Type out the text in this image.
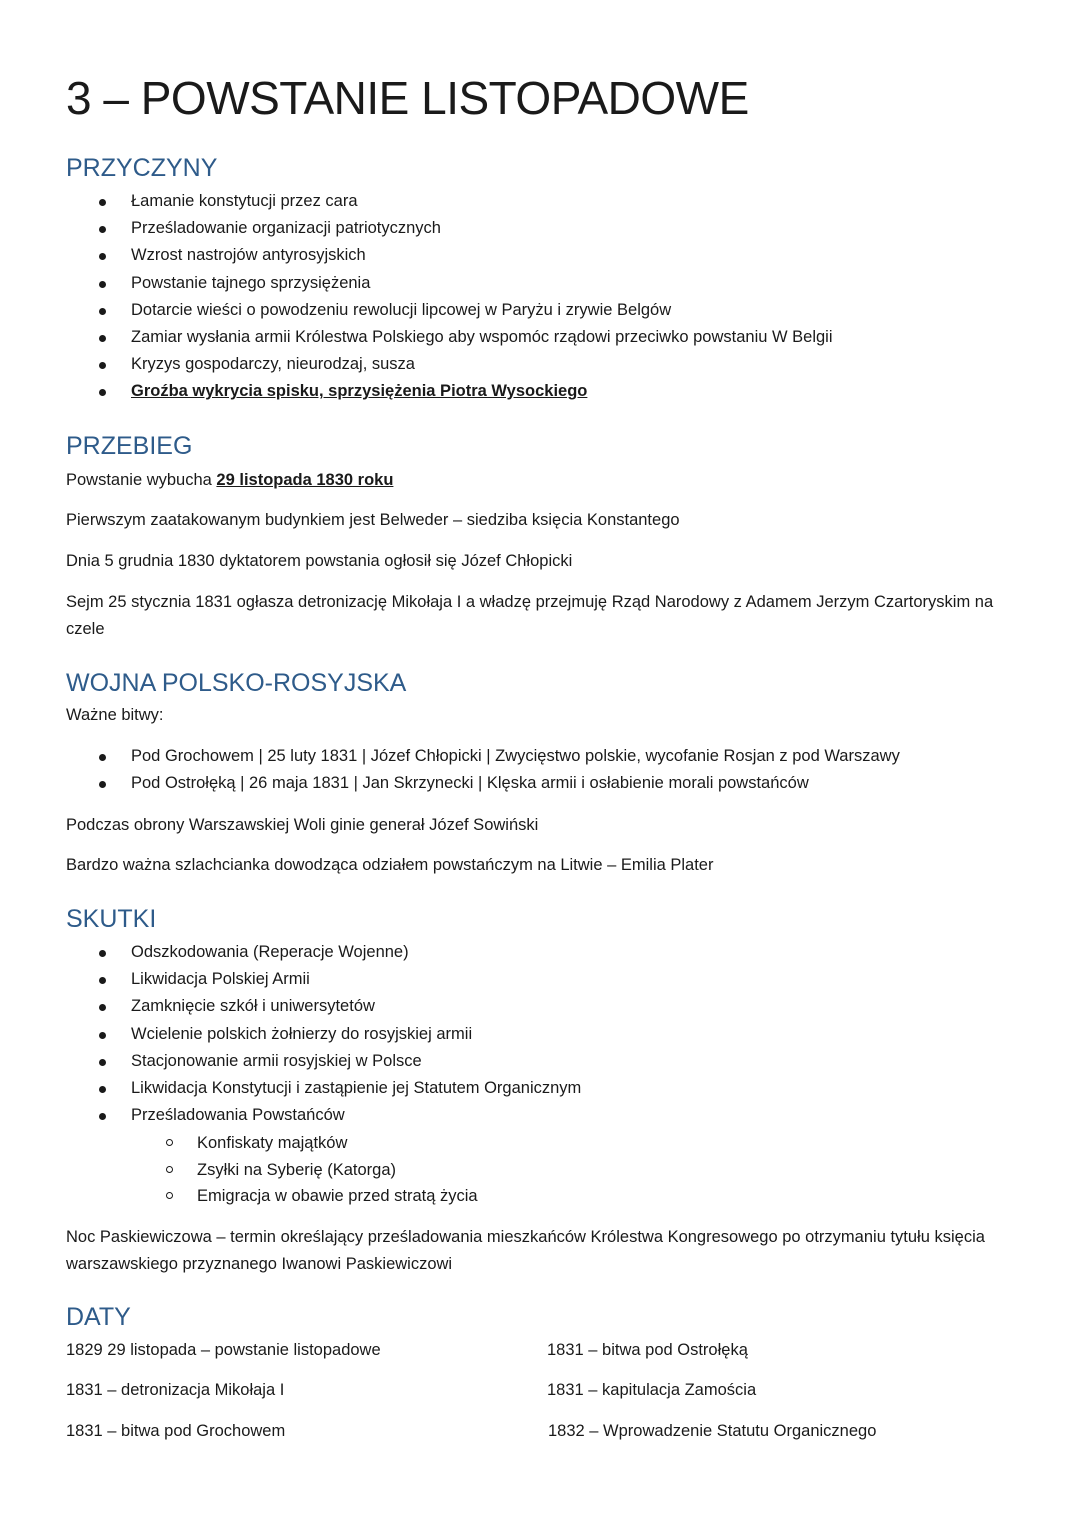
3 – POWSTANIE LISTOPADOWE
PRZYCZYNY
Łamanie konstytucji przez cara
Prześladowanie organizacji patriotycznych
Wzrost nastrojów antyrosyjskich
Powstanie tajnego sprzysiężenia
Dotarcie wieści o powodzeniu rewolucji lipcowej w Paryżu i zrywie Belgów
Zamiar wysłania armii Królestwa Polskiego aby wspomóc rządowi przeciwko powstaniu W Belgii
Kryzys gospodarczy, nieurodzaj, susza
Groźba wykrycia spisku, sprzysiężenia Piotra Wysockiego
PRZEBIEG

Powstanie wybucha 29 listopada 1830 roku

Pierwszym zaatakowanym budynkiem jest Belweder – siedziba księcia Konstantego

Dnia 5 grudnia 1830 dyktatorem powstania ogłosił się Józef Chłopicki

Sejm 25 stycznia 1831 ogłasza detronizację Mikołaja I a władzę przejmuję Rząd Narodowy z Adamem Jerzym Czartoryskim na czele

WOJNA POLSKO-ROSYJSKA

Ważne bitwy:

Pod Grochowem | 25 luty 1831 | Józef Chłopicki | Zwycięstwo polskie, wycofanie Rosjan z pod Warszawy
Pod Ostrołęką | 26 maja 1831 | Jan Skrzynecki | Klęska armii i osłabienie morali powstańców

Podczas obrony Warszawskiej Woli ginie generał Józef Sowiński

Bardzo ważna szlachcianka dowodząca odziałem powstańczym na Litwie – Emilia Plater

SKUTKI
Odszkodowania (Reperacje Wojenne)
Likwidacja Polskiej Armii
Zamknięcie szkół i uniwersytetów
Wcielenie polskich żołnierzy do rosyjskiej armii
Stacjonowanie armii rosyjskiej w Polsce
Likwidacja Konstytucji i zastąpienie jej Statutem Organicznym
Prześladowania Powstańców
Konfiskaty majątków
Zsyłki na Syberię (Katorga)
Emigracja w obawie przed stratą życia

Noc Paskiewiczowa – termin określający prześladowania mieszkańców Królestwa Kongresowego po otrzymaniu tytułu księcia warszawskiego przyznanego Iwanowi Paskiewiczowi

DATY

1829 29 listopada – powstanie listopadowe

1831 – detronizacja Mikołaja I

1831 – bitwa pod Grochowem

1831 – bitwa pod Ostrołęką

1831 – kapitulacja Zamościa

1832 – Wprowadzenie Statutu Organicznego
